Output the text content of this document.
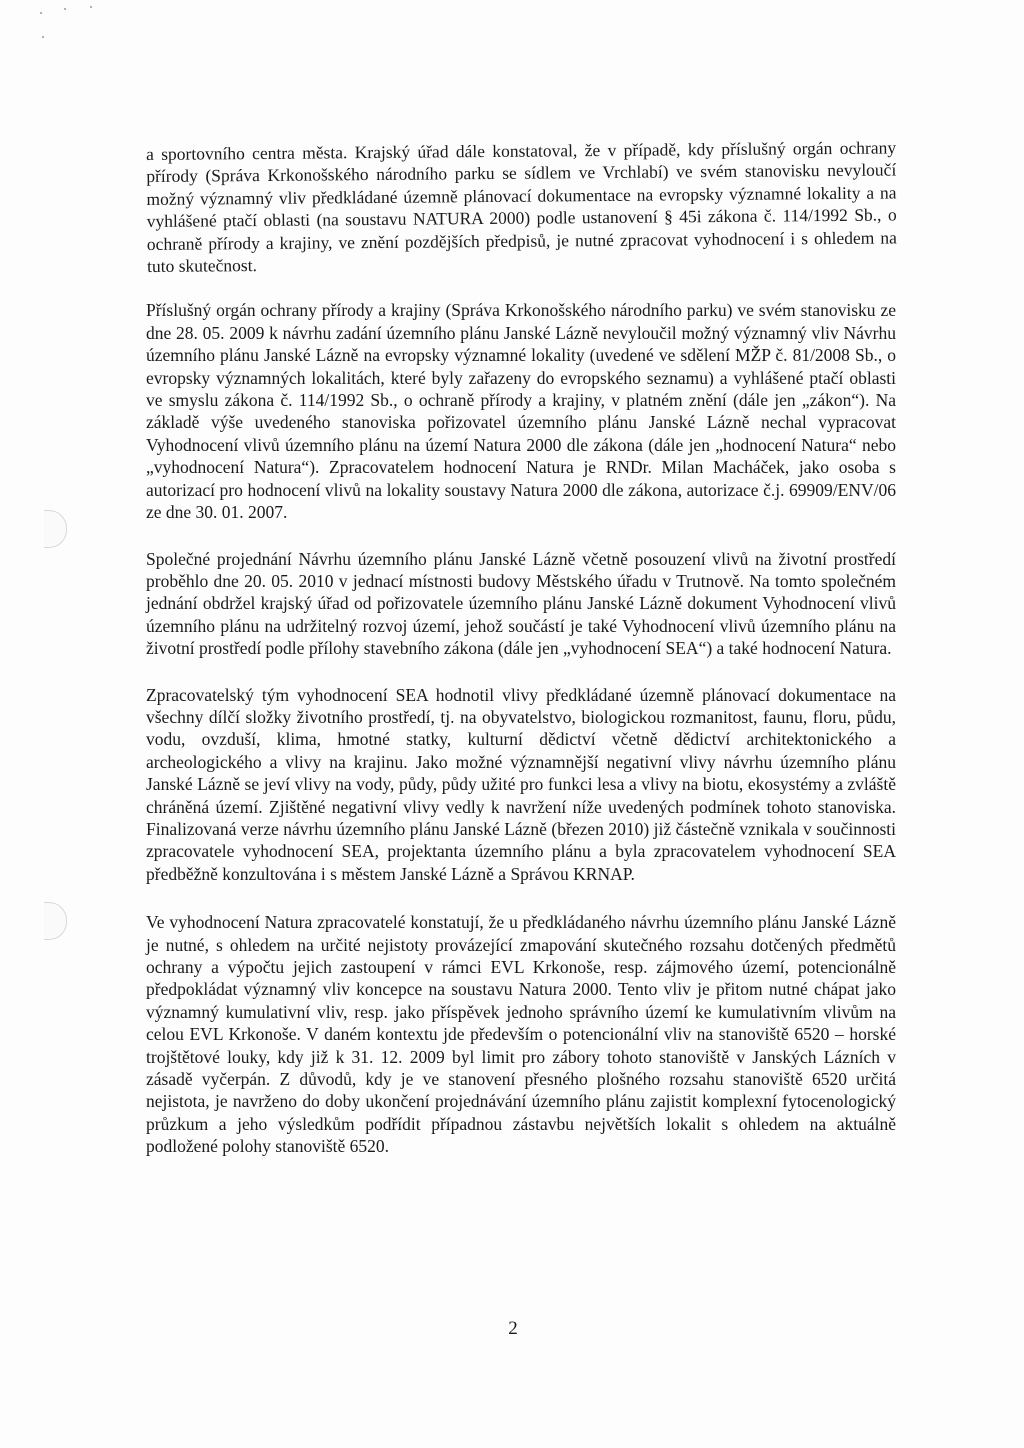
a sportovního centra města. Krajský úřad dále konstatoval, že v případě, kdy příslušný orgán ochrany přírody (Správa Krkonošského národního parku se sídlem ve Vrchlabí) ve svém stanovisku nevyloučí možný významný vliv předkládané územně plánovací dokumentace na evropsky významné lokality a na vyhlášené ptačí oblasti (na soustavu NATURA 2000) podle ustanovení § 45i zákona č. 114/1992 Sb., o ochraně přírody a krajiny, ve znění pozdějších předpisů, je nutné zpracovat vyhodnocení i s ohledem na tuto skutečnost.

Příslušný orgán ochrany přírody a krajiny (Správa Krkonošského národního parku) ve svém stanovisku ze dne 28. 05. 2009 k návrhu zadání územního plánu Janské Lázně nevyloučil možný významný vliv Návrhu územního plánu Janské Lázně na evropsky významné lokality (uvedené ve sdělení MŽP č. 81/2008 Sb., o evropsky významných lokalitách, které byly zařazeny do evropského seznamu) a vyhlášené ptačí oblasti ve smyslu zákona č. 114/1992 Sb., o ochraně přírody a krajiny, v platném znění (dále jen „zákon“). Na základě výše uvedeného stanoviska pořizovatel územního plánu Janské Lázně nechal vypracovat Vyhodnocení vlivů územního plánu na území Natura 2000 dle zákona (dále jen „hodnocení Natura“ nebo „vyhodnocení Natura“). Zpracovatelem hodnocení Natura je RNDr. Milan Macháček, jako osoba s autorizací pro hodnocení vlivů na lokality soustavy Natura 2000 dle zákona, autorizace č.j. 69909/ENV/06 ze dne 30. 01. 2007.

Společné projednání Návrhu územního plánu Janské Lázně včetně posouzení vlivů na životní prostředí proběhlo dne 20. 05. 2010 v jednací místnosti budovy Městského úřadu v Trutnově. Na tomto společném jednání obdržel krajský úřad od pořizovatele územního plánu Janské Lázně dokument Vyhodnocení vlivů územního plánu na udržitelný rozvoj území, jehož součástí je také Vyhodnocení vlivů územního plánu na životní prostředí podle přílohy stavebního zákona (dále jen „vyhodnocení SEA“) a také hodnocení Natura.

Zpracovatelský tým vyhodnocení SEA hodnotil vlivy předkládané územně plánovací dokumentace na všechny dílčí složky životního prostředí, tj. na obyvatelstvo, biologickou rozmanitost, faunu, floru, půdu, vodu, ovzduší, klima, hmotné statky, kulturní dědictví včetně dědictví architektonického a archeologického a vlivy na krajinu. Jako možné významnější negativní vlivy návrhu územního plánu Janské Lázně se jeví vlivy na vody, půdy, půdy užité pro funkci lesa a vlivy na biotu, ekosystémy a zvláště chráněná území. Zjištěné negativní vlivy vedly k navržení níže uvedených podmínek tohoto stanoviska. Finalizovaná verze návrhu územního plánu Janské Lázně (březen 2010) již částečně vznikala v součinnosti zpracovatele vyhodnocení SEA, projektanta územního plánu a byla zpracovatelem vyhodnocení SEA předběžně konzultována i s městem Janské Lázně a Správou KRNAP.

Ve vyhodnocení Natura zpracovatelé konstatují, že u předkládaného návrhu územního plánu Janské Lázně je nutné, s ohledem na určité nejistoty provázející zmapování skutečného rozsahu dotčených předmětů ochrany a výpočtu jejich zastoupení v rámci EVL Krkonoše, resp. zájmového území, potencionálně předpokládat významný vliv koncepce na soustavu Natura 2000. Tento vliv je přitom nutné chápat jako významný kumulativní vliv, resp. jako příspěvek jednoho správního území ke kumulativním vlivům na celou EVL Krkonoše. V daném kontextu jde především o potencionální vliv na stanoviště 6520 – horské trojštětové louky, kdy již k 31. 12. 2009 byl limit pro zábory tohoto stanoviště v Janských Lázních v zásadě vyčerpán. Z důvodů, kdy je ve stanovení přesného plošného rozsahu stanoviště 6520 určitá nejistota, je navrženo do doby ukončení projednávání územního plánu zajistit komplexní fytocenologický průzkum a jeho výsledkům podřídit případnou zástavbu největších lokalit s ohledem na aktuálně podložené polohy stanoviště 6520.

2
